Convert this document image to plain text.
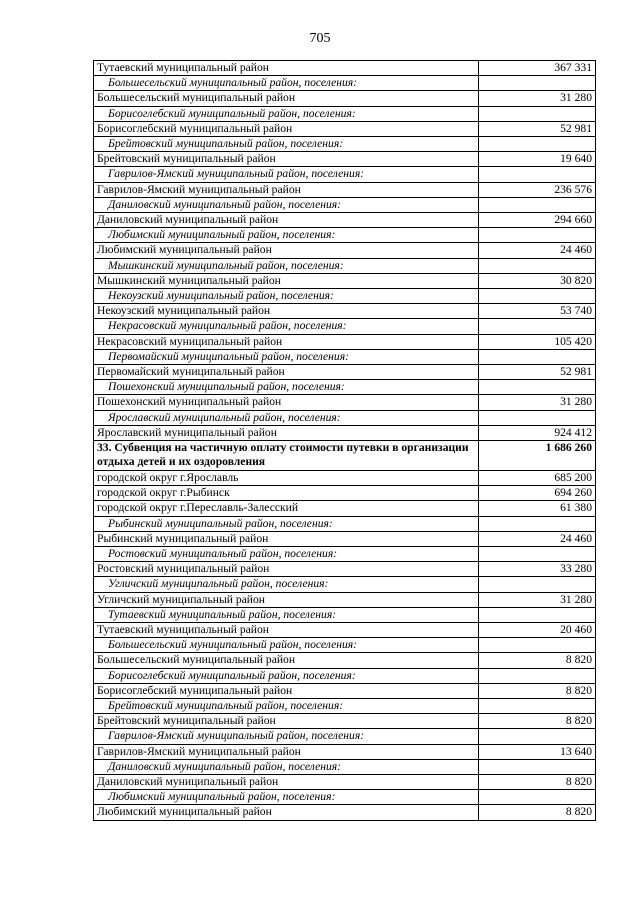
705
Тутаевский муниципальный район	367 331
Большесельский муниципальный район, поселения:	
Большесельский муниципальный район	31 280
Борисоглебский муниципальный район, поселения:	
Борисоглебский муниципальный район	52 981
Брейтовский муниципальный район, поселения:	
Брейтовский муниципальный район	19 640
Гаврилов-Ямский муниципальный район, поселения:	
Гаврилов-Ямский муниципальный район	236 576
Даниловский муниципальный район, поселения:	
Даниловский муниципальный район	294 660
Любимский муниципальный район, поселения:	
Любимский муниципальный район	24 460
Мышкинский муниципальный район, поселения:	
Мышкинский муниципальный район	30 820
Некоузский муниципальный район, поселения:	
Некоузский муниципальный район	53 740
Некрасовский муниципальный район, поселения:	
Некрасовский муниципальный район	105 420
Первомайский муниципальный район, поселения:	
Первомайский муниципальный район	52 981
Пошехонский муниципальный район, поселения:	
Пошехонский муниципальный район	31 280
Ярославский муниципальный район, поселения:	
Ярославский муниципальный район	924 412
33. Субвенция на частичную оплату стоимости путевки в организации отдыха детей и их оздоровления	1 686 260
городской округ г.Ярославль	685 200
городской округ г.Рыбинск	694 260
городской округ г.Переславль-Залесский	61 380
Рыбинский муниципальный район, поселения:	
Рыбинский муниципальный район	24 460
Ростовский муниципальный район, поселения:	
Ростовский муниципальный район	33 280
Угличский муниципальный район, поселения:	
Угличский муниципальный район	31 280
Тутаевский муниципальный район, поселения:	
Тутаевский муниципальный район	20 460
Большесельский муниципальный район, поселения:	
Большесельский муниципальный район	8 820
Борисоглебский муниципальный район, поселения:	
Борисоглебский муниципальный район	8 820
Брейтовский муниципальный район, поселения:	
Брейтовский муниципальный район	8 820
Гаврилов-Ямский муниципальный район, поселения:	
Гаврилов-Ямский муниципальный район	13 640
Даниловский муниципальный район, поселения:	
Даниловский муниципальный район	8 820
Любимский муниципальный район, поселения:	
Любимский муниципальный район	8 820
